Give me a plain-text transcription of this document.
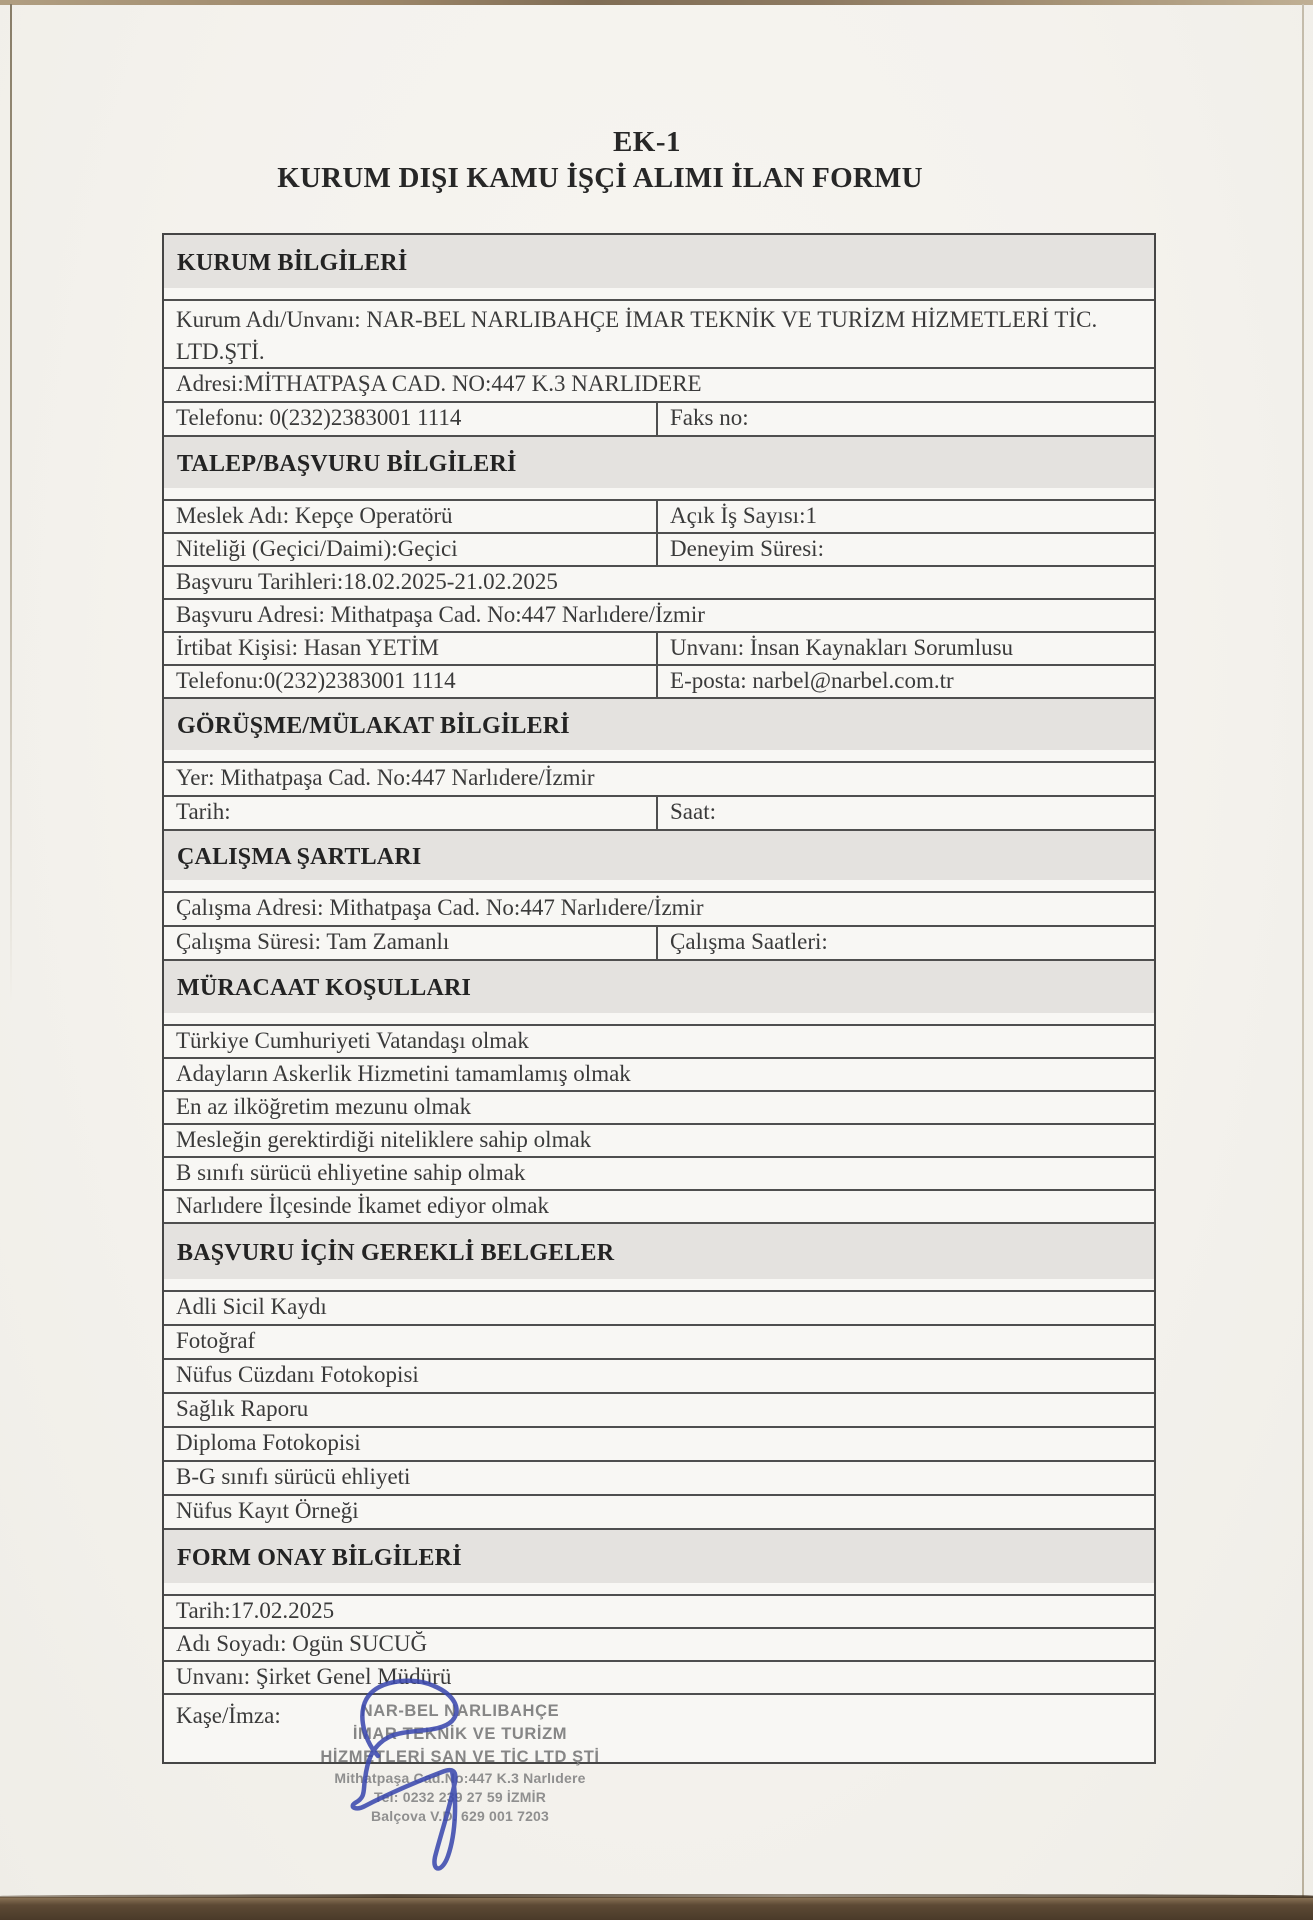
EK-1
KURUM DIŞI KAMU İŞÇİ ALIMI İLAN FORMU
KURUM BİLGİLERİ
Kurum Adı/Unvanı: NAR-BEL NARLIBAHÇE İMAR TEKNİK VE TURİZM HİZMETLERİ TİC. LTD.ŞTİ.
Adresi:MİTHATPAŞA CAD. NO:447 K.3 NARLIDERE
Telefonu: 0(232)2383001 1114	Faks no:
TALEP/BAŞVURU BİLGİLERİ
Meslek Adı: Kepçe Operatörü	Açık İş Sayısı:1
Niteliği (Geçici/Daimi):Geçici	Deneyim Süresi:
Başvuru Tarihleri:18.02.2025-21.02.2025
Başvuru Adresi: Mithatpaşa Cad. No:447 Narlıdere/İzmir
İrtibat Kişisi: Hasan YETİM	Unvanı: İnsan Kaynakları Sorumlusu
Telefonu:0(232)2383001 1114	E-posta: narbel@narbel.com.tr
GÖRÜŞME/MÜLAKAT BİLGİLERİ
Yer: Mithatpaşa Cad. No:447 Narlıdere/İzmir
Tarih:	Saat:
ÇALIŞMA ŞARTLARI
Çalışma Adresi: Mithatpaşa Cad. No:447 Narlıdere/İzmir
Çalışma Süresi: Tam Zamanlı	Çalışma Saatleri:
MÜRACAAT KOŞULLARI
Türkiye Cumhuriyeti Vatandaşı olmak
Adayların Askerlik Hizmetini tamamlamış olmak
En az ilköğretim mezunu olmak
Mesleğin gerektirdiği niteliklere sahip olmak
B sınıfı sürücü ehliyetine sahip olmak
Narlıdere İlçesinde İkamet ediyor olmak
BAŞVURU İÇİN GEREKLİ BELGELER
Adli Sicil Kaydı
Fotoğraf
Nüfus Cüzdanı Fotokopisi
Sağlık Raporu
Diploma Fotokopisi
B-G sınıfı sürücü ehliyeti
Nüfus Kayıt Örneği
FORM ONAY BİLGİLERİ
Tarih:17.02.2025
Adı Soyadı: Ogün SUCUĞ
Unvanı: Şirket Genel Müdürü
Kaşe/İmza:	NAR-BEL NARLIBAHÇE
İMAR TEKNİK VE TURİZM
HİZMETLERİ SAN VE TİC LTD ŞTİ
Mithatpaşa Cad.No:447 K.3 Narlıdere
Tel: 0232 239 27 59 İZMİR
Balçova V.D. 629 001 7203
